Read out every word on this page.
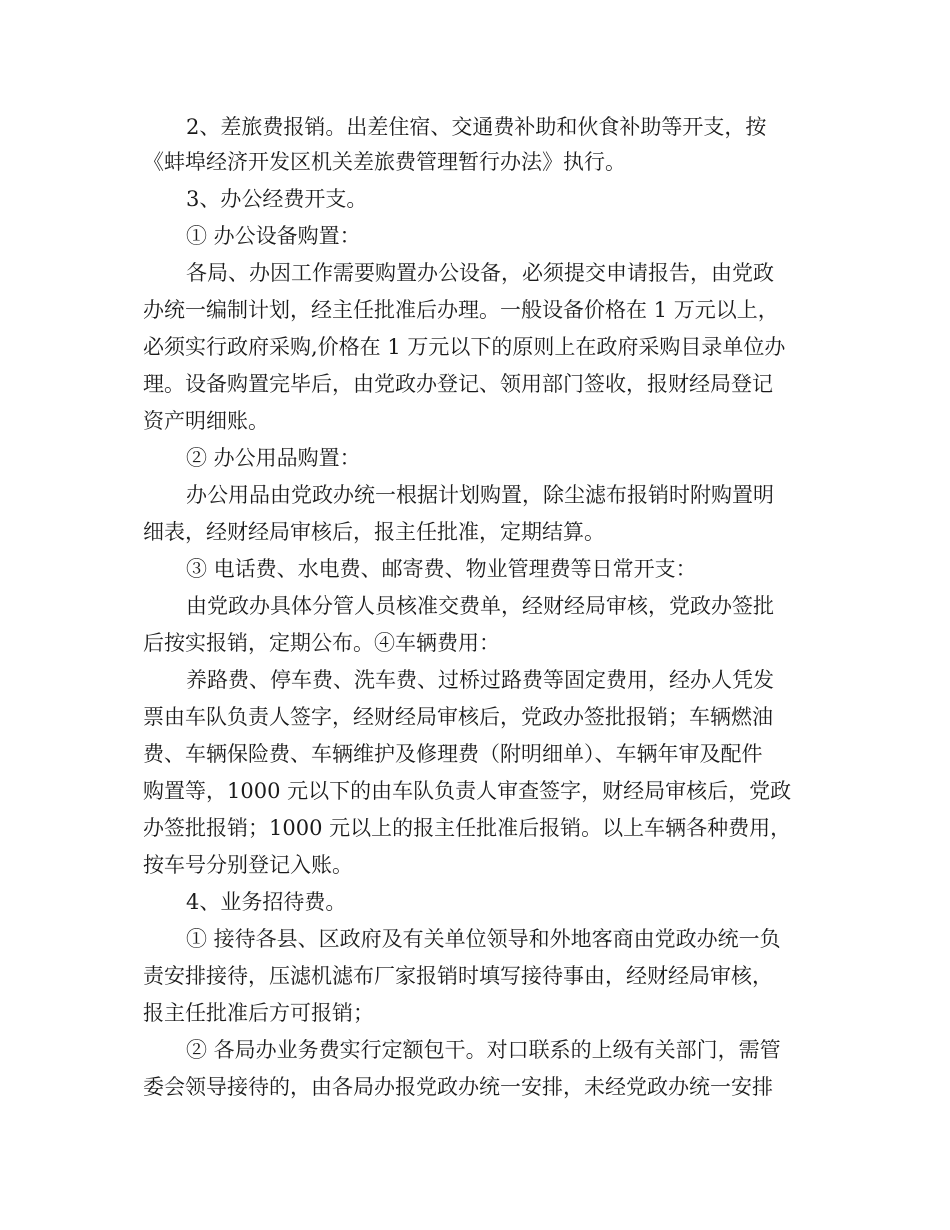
2、差旅费报销。出差住宿、交通费补助和伙食补助等开支，按
《蚌埠经济开发区机关差旅费管理暂行办法》执行。
3、办公经费开支。
① 办公设备购置：
各局、办因工作需要购置办公设备，必须提交申请报告，由党政
办统一编制计划，经主任批准后办理。一般设备价格在 1 万元以上，
必须实行政府采购,价格在 1 万元以下的原则上在政府采购目录单位办
理。设备购置完毕后，由党政办登记、领用部门签收，报财经局登记
资产明细账。
② 办公用品购置：
办公用品由党政办统一根据计划购置，除尘滤布报销时附购置明
细表，经财经局审核后，报主任批准，定期结算。
③ 电话费、水电费、邮寄费、物业管理费等日常开支：
由党政办具体分管人员核准交费单，经财经局审核，党政办签批
后按实报销，定期公布。④车辆费用：
养路费、停车费、洗车费、过桥过路费等固定费用，经办人凭发
票由车队负责人签字，经财经局审核后，党政办签批报销；车辆燃油
费、车辆保险费、车辆维护及修理费（附明细单）、车辆年审及配件
购置等，1000 元以下的由车队负责人审查签字，财经局审核后，党政
办签批报销；1000 元以上的报主任批准后报销。以上车辆各种费用，
按车号分别登记入账。
4、业务招待费。
① 接待各县、区政府及有关单位领导和外地客商由党政办统一负
责安排接待，压滤机滤布厂家报销时填写接待事由，经财经局审核，
报主任批准后方可报销；
② 各局办业务费实行定额包干。对口联系的上级有关部门，需管
委会领导接待的，由各局办报党政办统一安排，未经党政办统一安排
